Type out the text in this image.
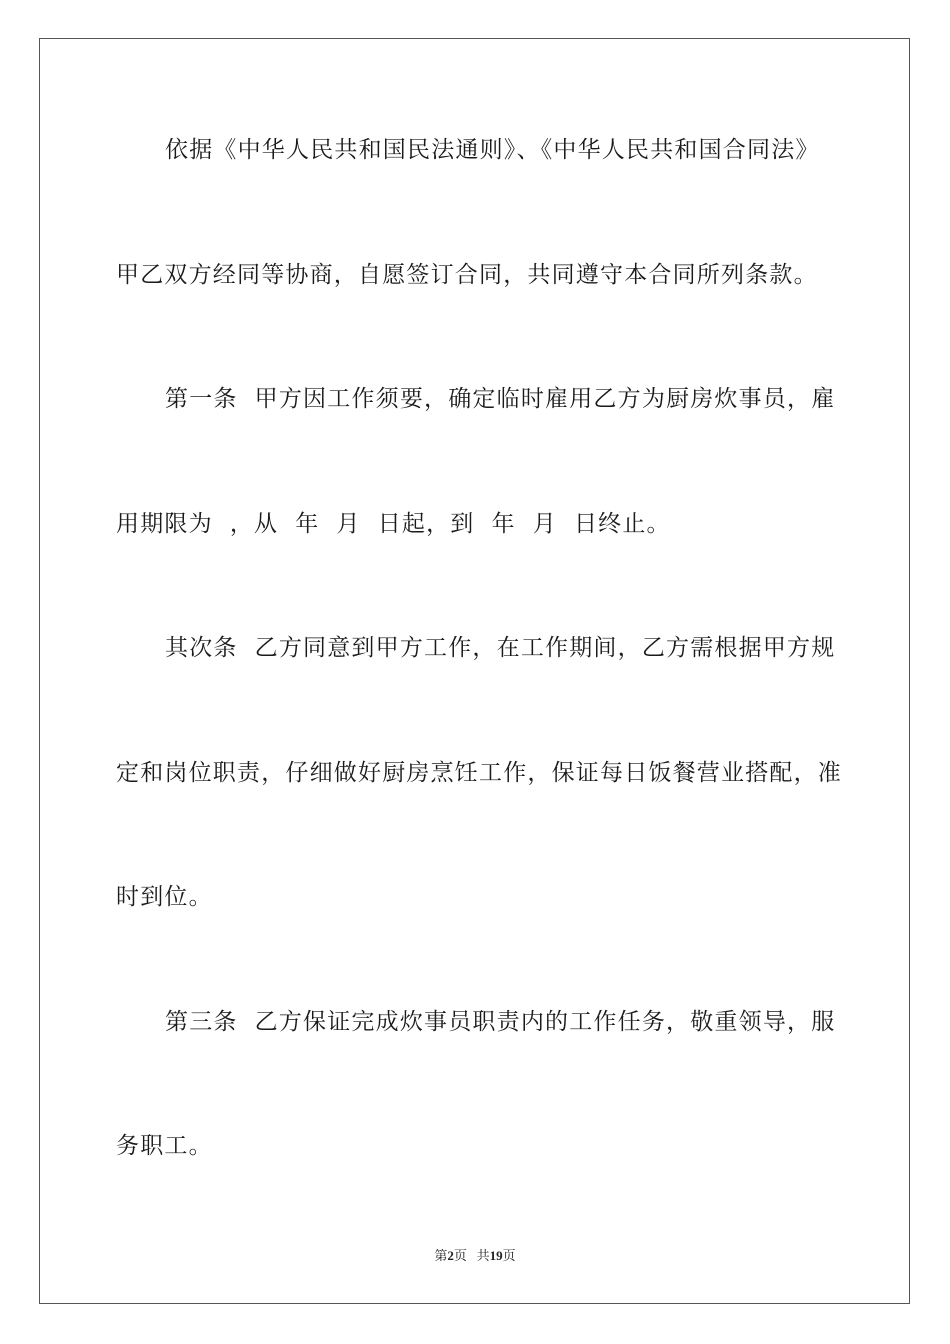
依据《中华人民共和国民法通则》、《中华人民共和国合同法》
甲乙双方经同等协商，自愿签订合同，共同遵守本合同所列条款。
第一条  甲方因工作须要，确定临时雇用乙方为厨房炊事员，雇
用期限为  ，从  年  月  日起，到  年  月  日终止。
其次条  乙方同意到甲方工作，在工作期间，乙方需根据甲方规
定和岗位职责，仔细做好厨房烹饪工作，保证每日饭餐营业搭配，准
时到位。
第三条  乙方保证完成炊事员职责内的工作任务，敬重领导，服
务职工。
第2页 共19页
